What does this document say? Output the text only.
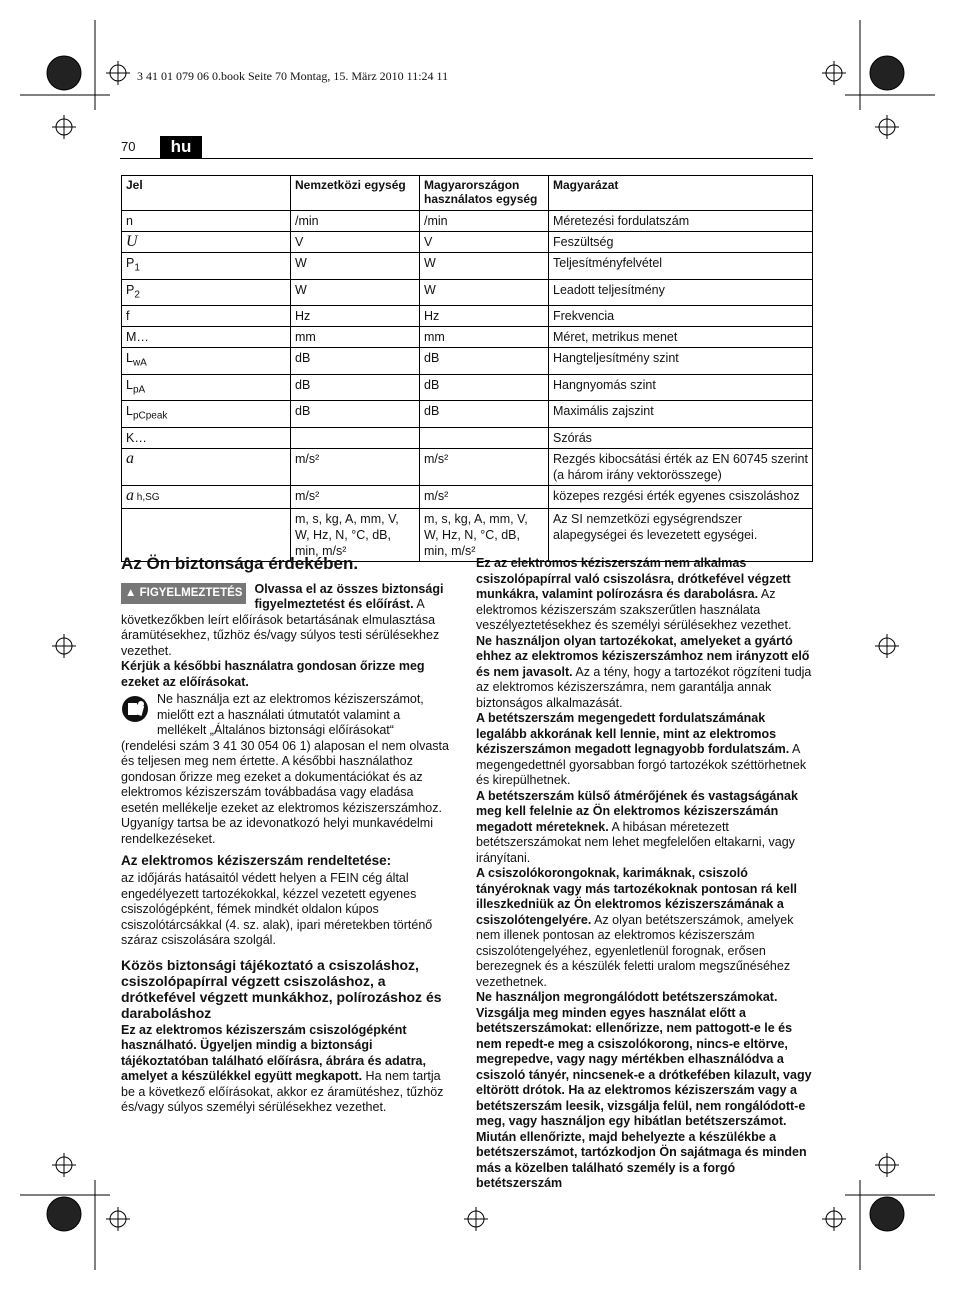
3 41 01 079 06 0.book Seite 70 Montag, 15. März 2010 11:24 11
70	hu
Jel	Nemzetközi egység	Magyarországon használatos egység	Magyarázat
n	/min	/min	Méretezési fordulatszám
U	V	V	Feszültség
$P_1$	W	W	Teljesítményfelvétel
$P_2$	W	W	Leadott teljesítmény
f	Hz	Hz	Frekvencia
M…	mm	mm	Méret, metrikus menet
$L_{wA}$	dB	dB	Hangteljesítmény szint
$L_{pA}$	dB	dB	Hangnyomás szint
$L_{pCpeak}$	dB	dB	Maximális zajszint
K…			Szórás
a	m/s²	m/s²	Rezgés kibocsátási érték az EN 60745 szerint (a három irány vektorösszege)
a h,SG	m/s²	m/s²	közepes rezgési érték egyenes csiszoláshoz
	m, s, kg, A, mm, V, W, Hz, N, °C, dB, min, m/s²	m, s, kg, A, mm, V, W, Hz, N, °C, dB, min, m/s²	Az SI nemzetközi egységrendszer alapegységei és levezetett egységei.
Az Ön biztonsága érdekében.
▲ FIGYELMEZTETÉS Olvassa el az összes biztonsági figyelmeztetést és előírást. A következőkben leírt előírások betartásának elmulasztása áramütésekhez, tűzhöz és/vagy súlyos testi sérülésekhez vezethet.

Kérjük a későbbi használatra gondosan őrizze meg ezeket az előírásokat.

Ne használja ezt az elektromos kéziszerszámot, mielőtt ezt a használati útmutatót valamint a mellékelt „Általános biztonsági előírásokat“ (rendelési szám 3 41 30 054 06 1) alaposan el nem olvasta és teljesen meg nem értette. A későbbi használathoz gondosan őrizze meg ezeket a dokumentációkat és az elektromos kéziszerszám továbbadása vagy eladása esetén mellékelje ezeket az elektromos kéziszerszámhoz.

Ugyanígy tartsa be az idevonatkozó helyi munkavédelmi rendelkezéseket.

Az elektromos kéziszerszám rendeltetése:

az időjárás hatásaitól védett helyen a FEIN cég által engedélyezett tartozékokkal, kézzel vezetett egyenes csiszológépként, fémek mindkét oldalon kúpos csiszolótárcsákkal (4. sz. alak), ipari méretekben történő száraz csiszolására szolgál.

Közös biztonsági tájékoztató a csiszoláshoz, csiszolópapírral végzett csiszoláshoz, a drótkefével végzett munkákhoz, polírozáshoz és daraboláshoz

Ez az elektromos kéziszerszám csiszológépként használható. Ügyeljen mindig a biztonsági tájékoztatóban található előírásra, ábrára és adatra, amelyet a készülékkel együtt megkapott. Ha nem tartja be a következő előírásokat, akkor ez áramütéshez, tűzhöz és/vagy súlyos személyi sérülésekhez vezethet.

Ez az elektromos kéziszerszám nem alkalmas csiszolópapírral való csiszolásra, drótkefével végzett munkákra, valamint polírozásra és darabolásra. Az elektromos kéziszerszám szakszerűtlen használata veszélyeztetésekhez és személyi sérülésekhez vezethet.

Ne használjon olyan tartozékokat, amelyeket a gyártó ehhez az elektromos kéziszerszámhoz nem irányzott elő és nem javasolt. Az a tény, hogy a tartozékot rögzíteni tudja az elektromos kéziszerszámra, nem garantálja annak biztonságos alkalmazását.

A betétszerszám megengedett fordulatszámának legalább akkorának kell lennie, mint az elektromos kéziszerszámon megadott legnagyobb fordulatszám. A megengedettnél gyorsabban forgó tartozékok széttörhetnek és kirepülhetnek.

A betétszerszám külső átmérőjének és vastagságának meg kell felelnie az Ön elektromos kéziszerszámán megadott méreteknek. A hibásan méretezett betétszerszámokat nem lehet megfelelően eltakarni, vagy irányítani.

A csiszolókorongoknak, karimáknak, csiszoló tányéroknak vagy más tartozékoknak pontosan rá kell illeszkedniük az Ön elektromos kéziszerszámának a csiszolótengelyére. Az olyan betétszerszámok, amelyek nem illenek pontosan az elektromos kéziszerszám csiszolótengelyéhez, egyenletlenül forognak, erősen berezegnek és a készülék feletti uralom megszűnéséhez vezethetnek.

Ne használjon megrongálódott betétszerszámokat. Vizsgálja meg minden egyes használat előtt a betétszerszámokat: ellenőrizze, nem pattogott-e le és nem repedt-e meg a csiszolókorong, nincs-e eltörve, megrepedve, vagy nagy mértékben elhasználódva a csiszoló tányér, nincsenek-e a drótkefében kilazult, vagy eltörött drótok. Ha az elektromos kéziszerszám vagy a betétszerszám leesik, vizsgálja felül, nem rongálódott-e meg, vagy használjon egy hibátlan betétszerszámot. Miután ellenőrizte, majd behelyezte a készülékbe a betétszerszámot, tartózkodjon Ön sajátmaga és minden más a közelben található személy is a forgó betétszerszám
